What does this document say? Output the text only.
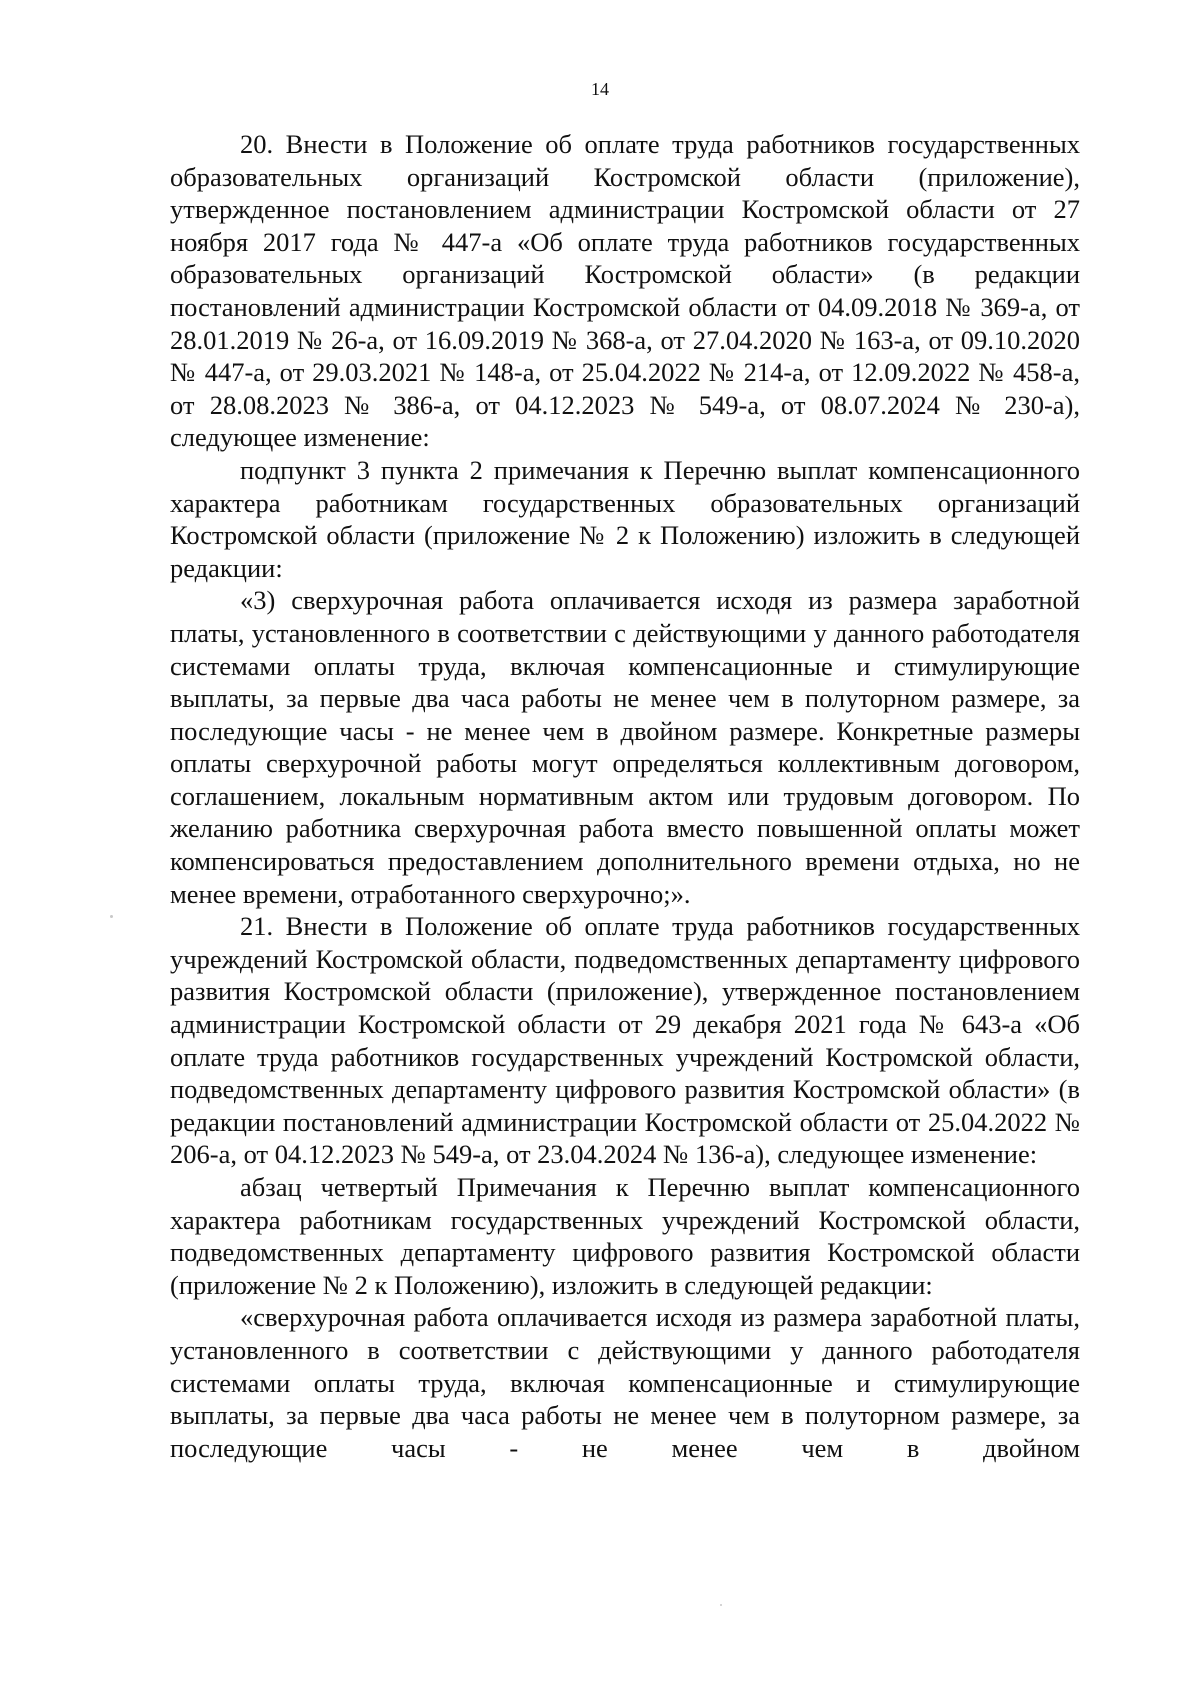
14

20. Внести в Положение об оплате труда работников государственных образовательных организаций Костромской области (приложение), утвержденное постановлением администрации Костромской области от 27 ноября 2017 года № 447-а «Об оплате труда работников государственных образовательных организаций Костромской области» (в редакции постановлений администрации Костромской области от 04.09.2018 № 369-а, от 28.01.2019 № 26-а, от 16.09.2019 № 368-а, от 27.04.2020 № 163-а, от 09.10.2020 № 447-а, от 29.03.2021 № 148-а, от 25.04.2022 № 214-а, от 12.09.2022 № 458-а, от 28.08.2023 № 386-а, от 04.12.2023 № 549-а, от 08.07.2024 № 230-а), следующее изменение:

подпункт 3 пункта 2 примечания к Перечню выплат компенсационного характера работникам государственных образовательных организаций Костромской области (приложение № 2 к Положению) изложить в следующей редакции:

«3) сверхурочная работа оплачивается исходя из размера заработной платы, установленного в соответствии с действующими у данного работодателя системами оплаты труда, включая компенсационные и стимулирующие выплаты, за первые два часа работы не менее чем в полуторном размере, за последующие часы - не менее чем в двойном размере. Конкретные размеры оплаты сверхурочной работы могут определяться коллективным договором, соглашением, локальным нормативным актом или трудовым договором. По желанию работника сверхурочная работа вместо повышенной оплаты может компенсироваться предоставлением дополнительного времени отдыха, но не менее времени, отработанного сверхурочно;».

21. Внести в Положение об оплате труда работников государственных учреждений Костромской области, подведомственных департаменту цифрового развития Костромской области (приложение), утвержденное постановлением администрации Костромской области от 29 декабря 2021 года № 643-а «Об оплате труда работников государственных учреждений Костромской области, подведомственных департаменту цифрового развития Костромской области» (в редакции постановлений администрации Костромской области от 25.04.2022 № 206-а, от 04.12.2023 № 549-а, от 23.04.2024 № 136-а), следующее изменение:

абзац четвертый Примечания к Перечню выплат компенсационного характера работникам государственных учреждений Костромской области, подведомственных департаменту цифрового развития Костромской области (приложение № 2 к Положению), изложить в следующей редакции:

«сверхурочная работа оплачивается исходя из размера заработной платы, установленного в соответствии с действующими у данного работодателя системами оплаты труда, включая компенсационные и стимулирующие выплаты, за первые два часа работы не менее чем в полуторном размере, за последующие часы - не менее чем в двойном
